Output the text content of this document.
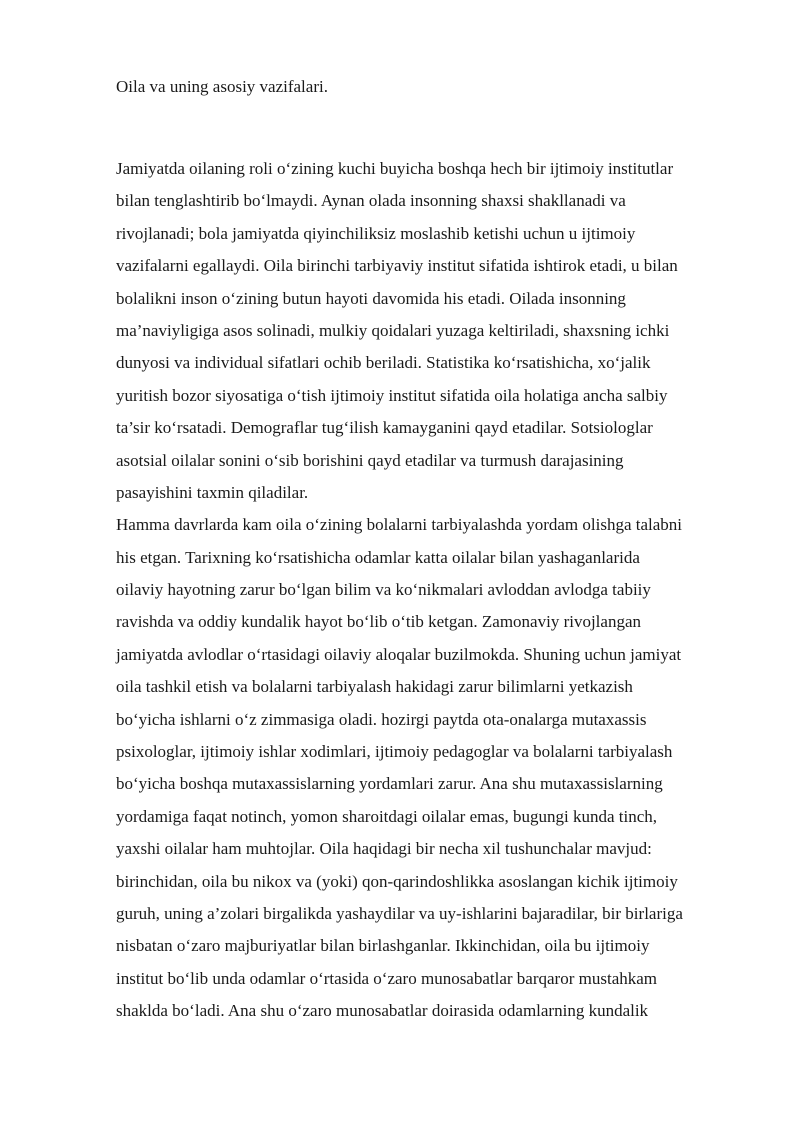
Oila va uning asosiy vazifalari.
Jamiyatda oilaning roli o‘zining kuchi buyicha boshqa hech bir ijtimoiy institutlar
bilan tenglashtirib bo‘lmaydi. Aynan olada insonning shaxsi shakllanadi va
rivojlanadi; bola jamiyatda qiyinchiliksiz moslashib ketishi uchun u ijtimoiy
vazifalarni egallaydi. Oila birinchi tarbiyaviy institut sifatida ishtirok etadi, u bilan
bolalikni inson o‘zining butun hayoti davomida his etadi. Oilada insonning
ma’naviyligiga asos solinadi, mulkiy qoidalari yuzaga keltiriladi, shaxsning ichki
dunyosi va individual sifatlari ochib beriladi. Statistika ko‘rsatishicha, xo‘jalik
yuritish bozor siyosatiga o‘tish ijtimoiy institut sifatida oila holatiga ancha salbiy
ta’sir ko‘rsatadi. Demograflar tug‘ilish kamayganini qayd etadilar. Sotsiologlar
asotsial oilalar sonini o‘sib borishini qayd etadilar va turmush darajasining
pasayishini taxmin qiladilar.
Hamma davrlarda kam oila o‘zining bolalarni tarbiyalashda yordam olishga talabni
his etgan. Tarixning ko‘rsatishicha odamlar katta oilalar bilan yashaganlarida
oilaviy hayotning zarur bo‘lgan bilim va ko‘nikmalari avloddan avlodga tabiiy
ravishda va oddiy kundalik hayot bo‘lib o‘tib ketgan. Zamonaviy rivojlangan
jamiyatda avlodlar o‘rtasidagi oilaviy aloqalar buzilmokda. Shuning uchun jamiyat
oila tashkil etish va bolalarni tarbiyalash hakidagi zarur bilimlarni yetkazish
bo‘yicha ishlarni o‘z zimmasiga oladi. hozirgi paytda ota-onalarga mutaxassis
psixologlar, ijtimoiy ishlar xodimlari, ijtimoiy pedagoglar va bolalarni tarbiyalash
bo‘yicha boshqa mutaxassislarning yordamlari zarur. Ana shu mutaxassislarning
yordamiga faqat notinch, yomon sharoitdagi oilalar emas, bugungi kunda tinch,
yaxshi oilalar ham muhtojlar. Oila haqidagi bir necha xil tushunchalar mavjud:
birinchidan, oila bu nikox va (yoki) qon-qarindoshlikka asoslangan kichik ijtimoiy
guruh, uning a’zolari birgalikda yashaydilar va uy-ishlarini bajaradilar, bir birlariga
nisbatan o‘zaro majburiyatlar bilan birlashganlar. Ikkinchidan, oila bu ijtimoiy
institut bo‘lib unda odamlar o‘rtasida o‘zaro munosabatlar barqaror mustahkam
shaklda bo‘ladi. Ana shu o‘zaro munosabatlar doirasida odamlarning kundalik
